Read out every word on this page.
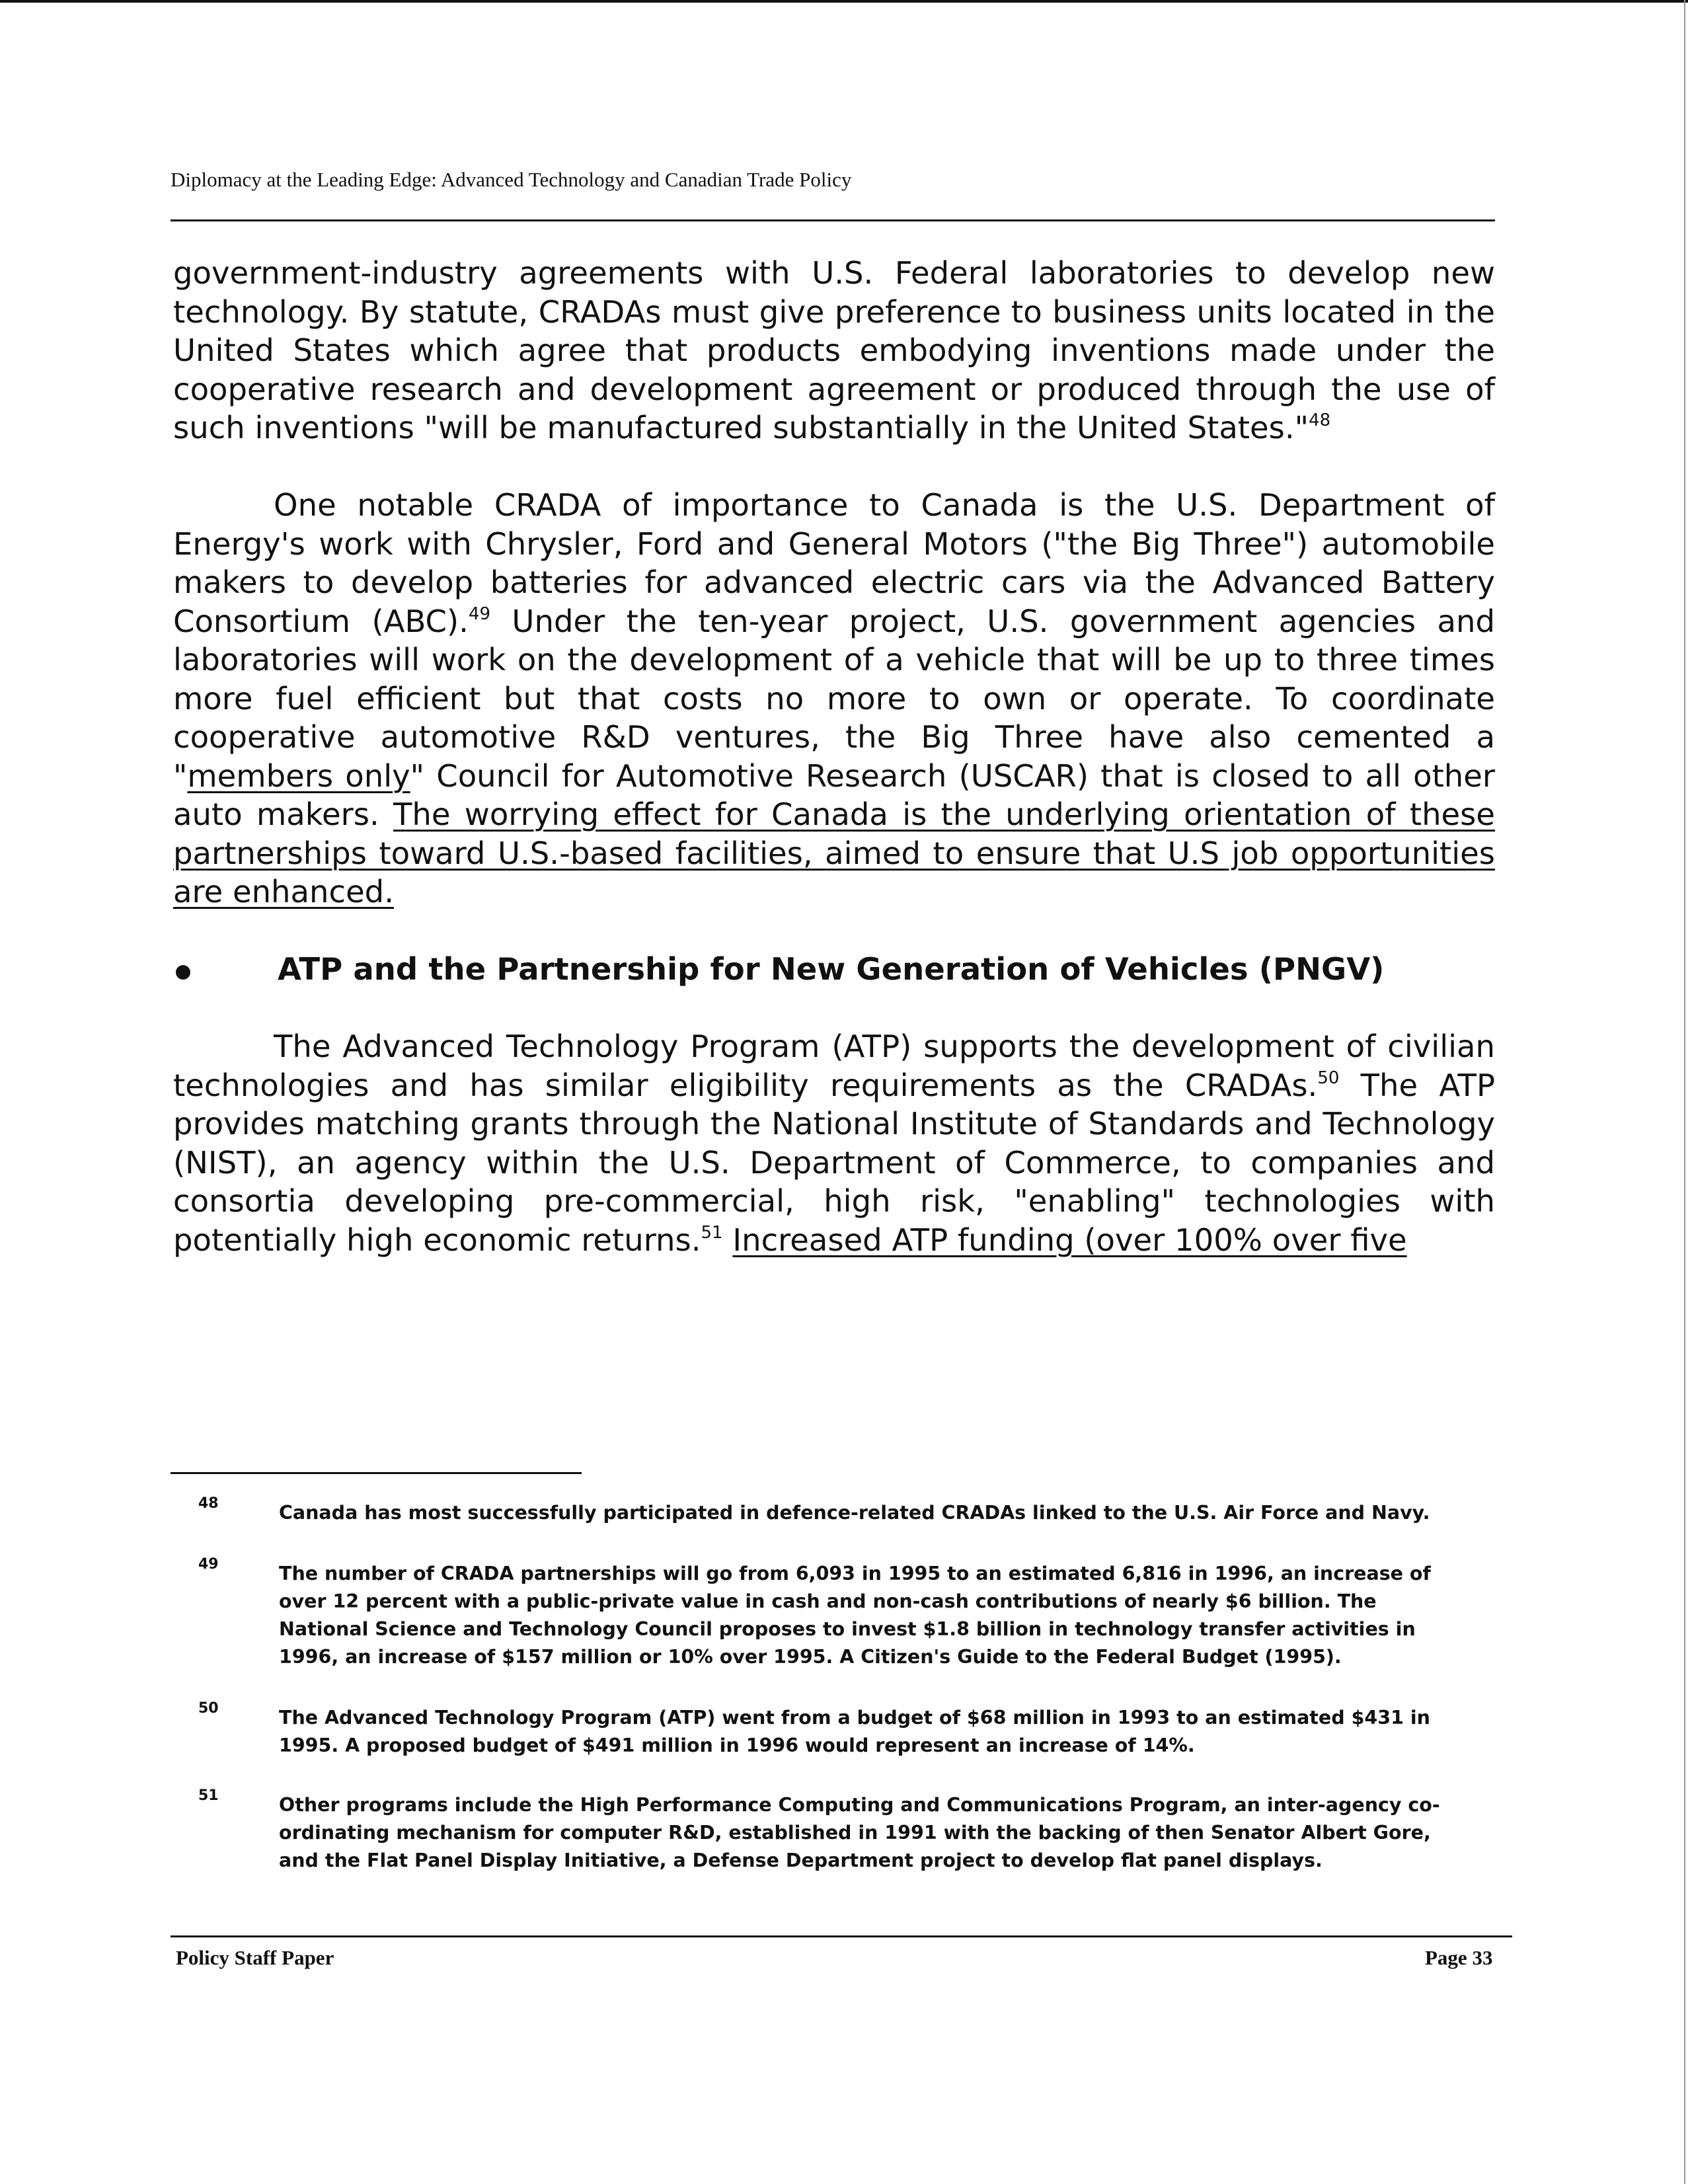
Diplomacy at the Leading Edge: Advanced Technology and Canadian Trade Policy

government-industry agreements with U.S. Federal laboratories to develop new technology. By statute, CRADAs must give preference to business units located in the United States which agree that products embodying inventions made under the cooperative research and development agreement or produced through the use of such inventions "will be manufactured substantially in the United States."$^{48}$

One notable CRADA of importance to Canada is the U.S. Department of Energy's work with Chrysler, Ford and General Motors ("the Big Three") automobile makers to develop batteries for advanced electric cars via the Advanced Battery Consortium (ABC).$^{49}$ Under the ten-year project, U.S. government agencies and laboratories will work on the development of a vehicle that will be up to three times more fuel efficient but that costs no more to own or operate. To coordinate cooperative automotive R&D ventures, the Big Three have also cemented a "members only" Council for Automotive Research (USCAR) that is closed to all other auto makers. The worrying effect for Canada is the underlying orientation of these partnerships toward U.S.-based facilities, aimed to ensure that U.S job opportunities are enhanced.

ATP and the Partnership for New Generation of Vehicles (PNGV)

The Advanced Technology Program (ATP) supports the development of civilian technologies and has similar eligibility requirements as the CRADAs.$^{50}$ The ATP provides matching grants through the National Institute of Standards and Technology (NIST), an agency within the U.S. Department of Commerce, to companies and consortia developing pre-commercial, high risk, "enabling" technologies with potentially high economic returns.$^{51}$ Increased ATP funding (over 100% over five

48	Canada has most successfully participated in defence-related CRADAs linked to the U.S. Air Force and Navy.

49	The number of CRADA partnerships will go from 6,093 in 1995 to an estimated 6,816 in 1996, an increase of over 12 percent with a public-private value in cash and non-cash contributions of nearly $6 billion. The National Science and Technology Council proposes to invest $1.8 billion in technology transfer activities in 1996, an increase of $157 million or 10% over 1995. A Citizen's Guide to the Federal Budget (1995).

50	The Advanced Technology Program (ATP) went from a budget of $68 million in 1993 to an estimated $431 in 1995. A proposed budget of $491 million in 1996 would represent an increase of 14%.

51	Other programs include the High Performance Computing and Communications Program, an inter-agency co-ordinating mechanism for computer R&D, established in 1991 with the backing of then Senator Albert Gore, and the Flat Panel Display Initiative, a Defense Department project to develop flat panel displays.

Policy Staff Paper	Page 33
